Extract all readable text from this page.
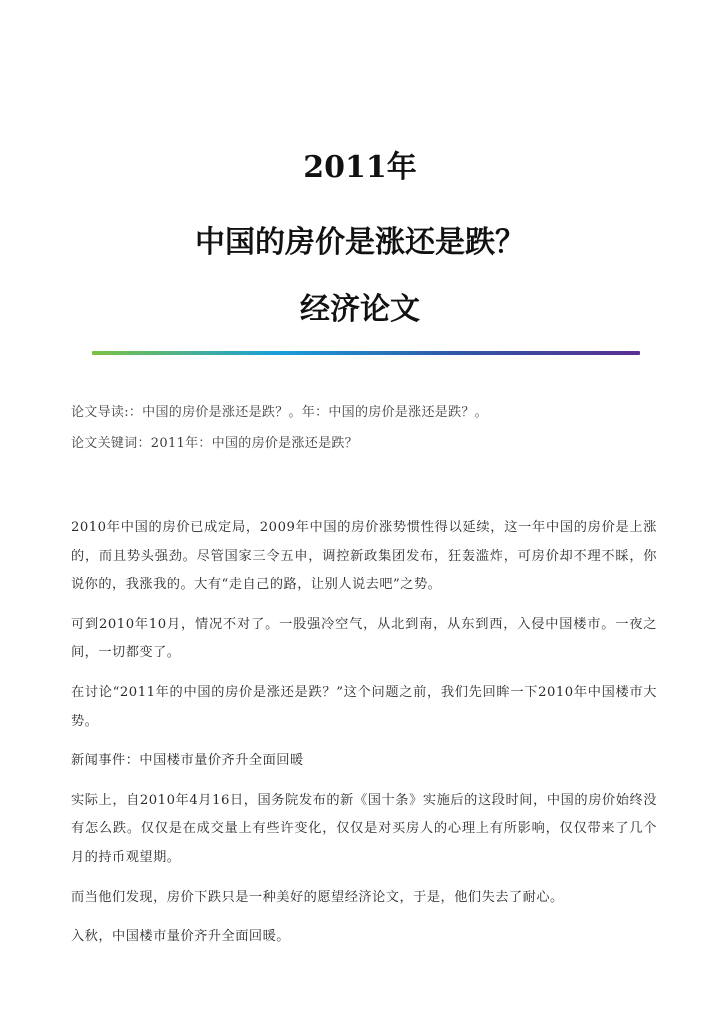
2011年
中国的房价是涨还是跌？
经济论文
论文导读:：中国的房价是涨还是跌？。年：中国的房价是涨还是跌？。
论文关键词：2011年：中国的房价是涨还是跌？

2010年中国的房价已成定局，2009年中国的房价涨势惯性得以延续，这一年中国的房价是上涨的，而且势头强劲。尽管国家三令五申，调控新政集团发布，狂轰滥炸，可房价却不理不睬，你说你的，我涨我的。大有“走自己的路，让别人说去吧”之势。

可到2010年10月，情况不对了。一股强冷空气，从北到南，从东到西，入侵中国楼市。一夜之间，一切都变了。

在讨论“2011年的中国的房价是涨还是跌？”这个问题之前，我们先回眸一下2010年中国楼市大势。

新闻事件：中国楼市量价齐升全面回暖

实际上，自2010年4月16日，国务院发布的新《国十条》实施后的这段时间，中国的房价始终没有怎么跌。仅仅是在成交量上有些许变化，仅仅是对买房人的心理上有所影响，仅仅带来了几个月的持币观望期。

而当他们发现，房价下跌只是一种美好的愿望经济论文，于是，他们失去了耐心。

入秋，中国楼市量价齐升全面回暖。
